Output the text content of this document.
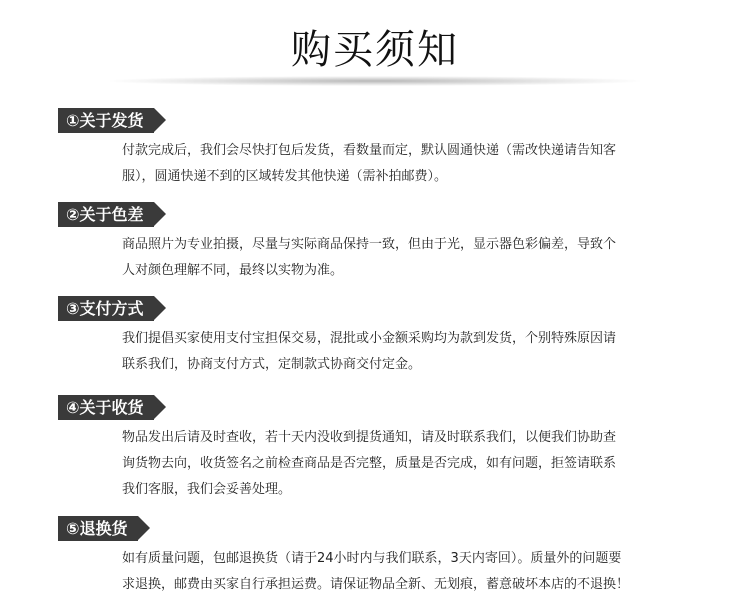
购买须知
①关于发货
付款完成后，我们会尽快打包后发货，看数量而定，默认圆通快递（需改快递请告知客
服），圆通快递不到的区域转发其他快递（需补拍邮费）。
②关于色差
商品照片为专业拍摄，尽量与实际商品保持一致，但由于光，显示器色彩偏差，导致个
人对颜色理解不同，最终以实物为准。
③支付方式
我们提倡买家使用支付宝担保交易，混批或小金额采购均为款到发货，个别特殊原因请
联系我们，协商支付方式，定制款式协商交付定金。
④关于收货
物品发出后请及时查收，若十天内没收到提货通知，请及时联系我们，以便我们协助查
询货物去向，收货签名之前检查商品是否完整，质量是否完成，如有问题，拒签请联系
我们客服，我们会妥善处理。
⑤退换货
如有质量问题，包邮退换货（请于24小时内与我们联系，3天内寄回）。质量外的问题要
求退换，邮费由买家自行承担运费。请保证物品全新、无划痕，蓄意破坏本店的不退换！
